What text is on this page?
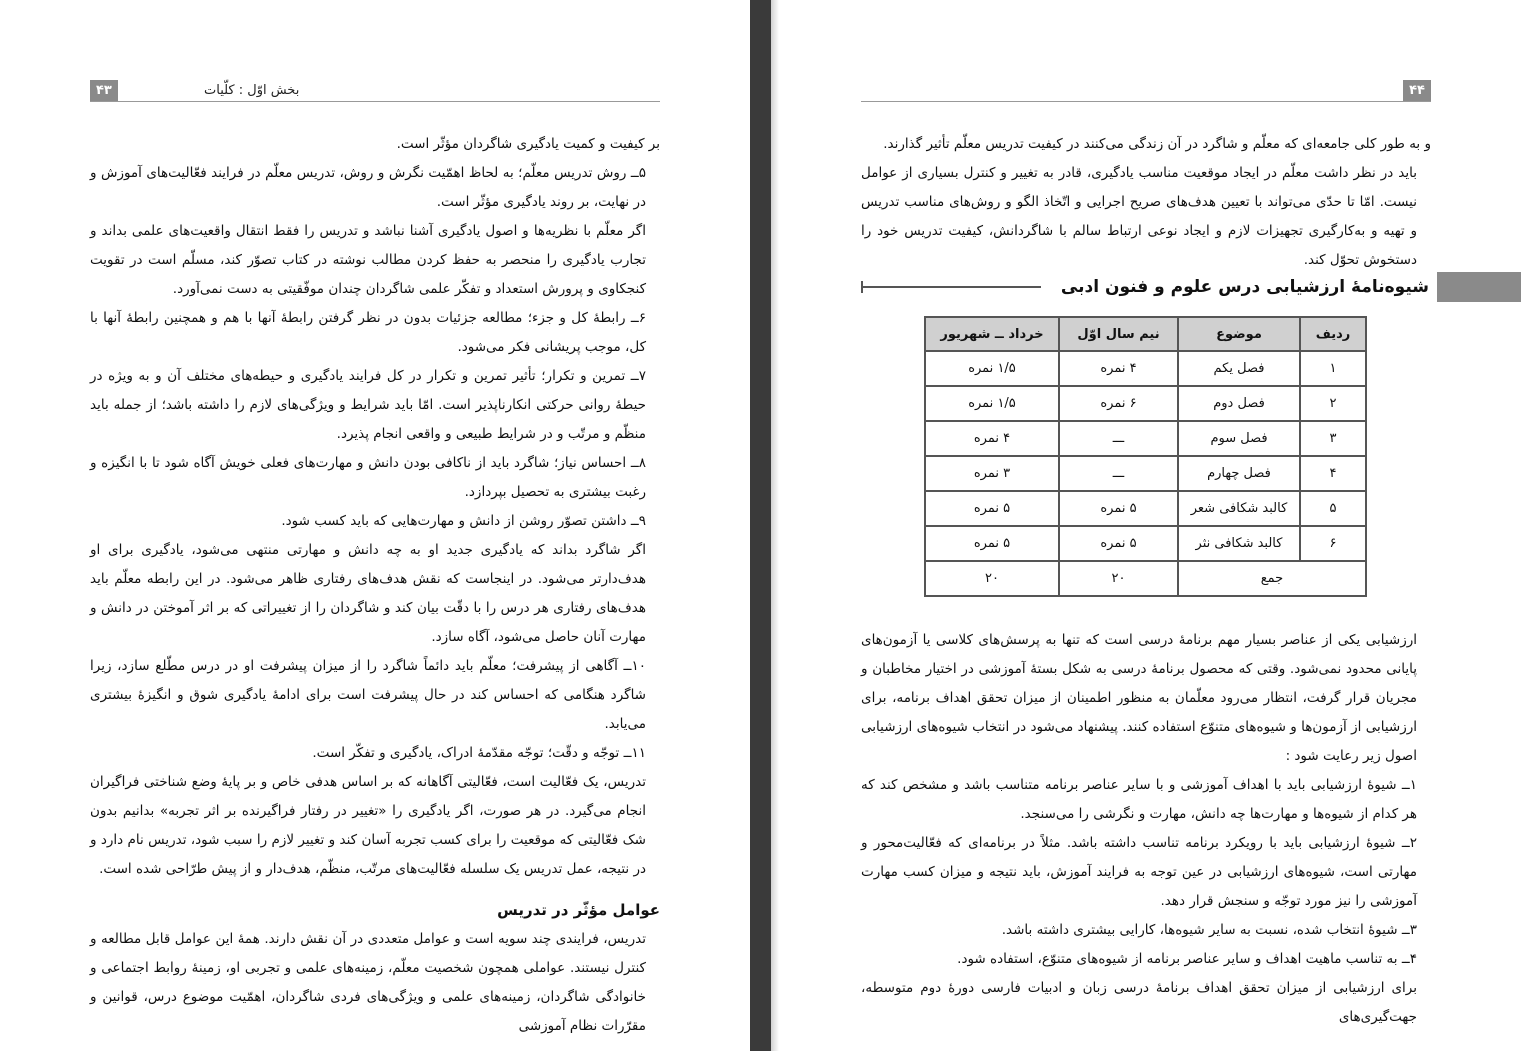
۴۳	بخش اوّل : کلّیات

بر کیفیت و کمیت یادگیری شاگردان مؤثّر است.

۵ــ روش تدریس معلّم؛ به لحاظ اهمّیت نگرش و روش، تدریس معلّم در فرایند فعّالیت‌های آموزش و در نهایت، بر روند یادگیری مؤثّر است.

اگر معلّم با نظریه‌ها و اصول یادگیری آشنا نباشد و تدریس را فقط انتقال واقعیت‌های علمی بداند و تجارب یادگیری را منحصر به حفظ کردن مطالب نوشته در کتاب تصوّر کند، مسلّم است در تقویت کنجکاوی و پرورش استعداد و تفکّر علمی شاگردان چندان موفّقیتی به دست نمی‌آورد.

۶ــ رابطهٔ کل و جزء؛ مطالعه جزئیات بدون در نظر گرفتن رابطهٔ آنها با هم و همچنین رابطهٔ آنها با کل، موجب پریشانی فکر می‌شود.

۷ــ تمرین و تکرار؛ تأثیر تمرین و تکرار در کل فرایند یادگیری و حیطه‌های مختلف آن و به ویژه در حیطهٔ روانی حرکتی انکارناپذیر است. امّا باید شرایط و ویژگی‌های لازم را داشته باشد؛ از جمله باید منظّم و مرتّب و در شرایط طبیعی و واقعی انجام پذیرد.

۸ــ احساس نیاز؛ شاگرد باید از ناکافی بودن دانش و مهارت‌های فعلی خویش آگاه شود تا با انگیزه و رغبت بیشتری به تحصیل بپردازد.

۹ــ داشتن تصوّر روشن از دانش و مهارت‌هایی که باید کسب شود.

اگر شاگرد بداند که یادگیری جدید او به چه دانش و مهارتی منتهی می‌شود، یادگیری برای او هدف‌دارتر می‌شود. در اینجاست که نقش هدف‌های رفتاری ظاهر می‌شود. در این رابطه معلّم باید هدف‌های رفتاری هر درس را با دقّت بیان کند و شاگردان را از تغییراتی که بر اثر آموختن در دانش و مهارت آنان حاصل می‌شود، آگاه سازد.

۱۰ــ آگاهی از پیشرفت؛ معلّم باید دائماً شاگرد را از میزان پیشرفت او در درس مطّلع سازد، زیرا شاگرد هنگامی که احساس کند در حال پیشرفت است برای ادامهٔ یادگیری شوق و انگیزهٔ بیشتری می‌یابد.

۱۱ــ توجّه و دقّت؛ توجّه مقدّمهٔ ادراک، یادگیری و تفکّر است.

تدریس، یک فعّالیت است، فعّالیتی آگاهانه که بر اساس هدفی خاص و بر پایهٔ وضع شناختی فراگیران انجام می‌گیرد. در هر صورت، اگر یادگیری را «تغییر در رفتار فراگیرنده بر اثر تجربه» بدانیم بدون شک فعّالیتی که موقعیت را برای کسب تجربه آسان کند و تغییر لازم را سبب شود، تدریس نام دارد و در نتیجه، عمل تدریس یک سلسله فعّالیت‌های مرتّب، منظّم، هدف‌دار و از پیش طرّاحی شده است.

عوامل مؤثّر در تدریس

تدریس، فرایندی چند سویه است و عوامل متعددی در آن نقش دارند. همهٔ این عوامل قابل مطالعه و کنترل نیستند. عواملی همچون شخصیت معلّم، زمینه‌های علمی و تجربی او، زمینهٔ روابط اجتماعی و خانوادگی شاگردان، زمینه‌های علمی و ویژگی‌های فردی شاگردان، اهمّیت موضوع درس، قوانین و مقرّرات نظام آموزشی

۴۴

و به طور کلی جامعه‌ای که معلّم و شاگرد در آن زندگی می‌کنند در کیفیت تدریس معلّم تأثیر گذارند.

باید در نظر داشت معلّم در ایجاد موقعیت مناسب یادگیری، قادر به تغییر و کنترل بسیاری از عوامل نیست. امّا تا حدّی می‌تواند با تعیین هدف‌های صریح اجرایی و اتّخاذ الگو و روش‌های مناسب تدریس و تهیه و به‌کارگیری تجهیزات لازم و ایجاد نوعی ارتباط سالم با شاگردانش، کیفیت تدریس خود را دستخوش تحوّل کند.

شیوه‌نامهٔ ارزشیابی درس علوم و فنون ادبی
ردیف	موضوع	نیم سال اوّل	خرداد ــ شهریور
۱	فصل یکم	۴ نمره	۱/۵ نمره
۲	فصل دوم	۶ نمره	۱/۵ نمره
۳	فصل سوم	ـــ	۴ نمره
۴	فصل چهارم	ـــ	۳ نمره
۵	کالبد شکافی شعر	۵ نمره	۵ نمره
۶	کالبد شکافی نثر	۵ نمره	۵ نمره
جمع		۲۰	۲۰

ارزشیابی یکی از عناصر بسیار مهم برنامهٔ درسی است که تنها به پرسش‌های کلاسی یا آزمون‌های پایانی محدود نمی‌شود. وقتی که محصول برنامهٔ درسی به شکل بستهٔ آموزشی در اختیار مخاطبان و مجریان قرار گرفت، انتظار می‌رود معلّمان به منظور اطمینان از میزان تحقق اهداف برنامه، برای ارزشیابی از آزمون‌ها و شیوه‌های متنوّع استفاده کنند. پیشنهاد می‌شود در انتخاب شیوه‌های ارزشیابی اصول زیر رعایت شود :

۱ــ شیوهٔ ارزشیابی باید با اهداف آموزشی و با سایر عناصر برنامه متناسب باشد و مشخص کند که هر کدام از شیوه‌ها و مهارت‌ها چه دانش، مهارت و نگرشی را می‌سنجد.

۲ــ شیوهٔ ارزشیابی باید با رویکرد برنامه تناسب داشته باشد. مثلاً در برنامه‌ای که فعّالیت‌محور و مهارتی است، شیوه‌های ارزشیابی در عین توجه به فرایند آموزش، باید نتیجه و میزان کسب مهارت آموزشی را نیز مورد توجّه و سنجش قرار دهد.

۳ــ شیوهٔ انتخاب شده، نسبت به سایر شیوه‌ها، کارایی بیشتری داشته باشد.

۴ــ به تناسب ماهیت اهداف و سایر عناصر برنامه از شیوه‌های متنوّع، استفاده شود.

برای ارزشیابی از میزان تحقق اهداف برنامهٔ درسی زبان و ادبیات فارسی دورهٔ دوم متوسطه، جهت‌گیری‌های
